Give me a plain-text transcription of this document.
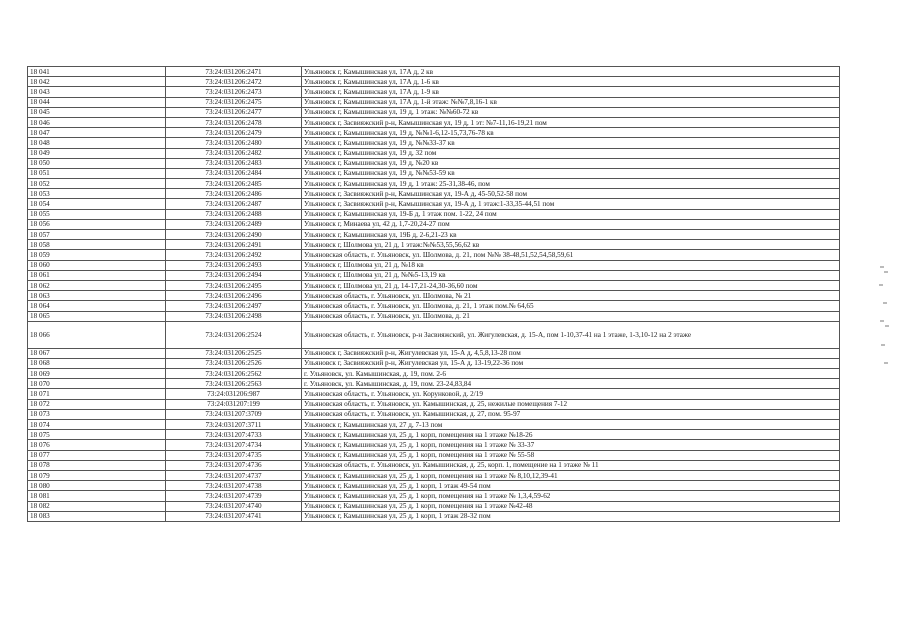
18 041	73:24:031206:2471	Ульяновск г, Камышинская ул, 17А д, 2 кв
18 042	73:24:031206:2472	Ульяновск г, Камышинская ул, 17А д, 1-6 кв
18 043	73:24:031206:2473	Ульяновск г, Камышинская ул, 17А д, 1-9 кв
18 044	73:24:031206:2475	Ульяновск г, Камышинская ул, 17А д, 1-й этаж: №№7,8,16-1 кв
18 045	73:24:031206:2477	Ульяновск г, Камышинская ул, 19 д, 1 этаж: №№60-72 кв
18 046	73:24:031206:2478	Ульяновск г, Засвияжский р-н, Камышинская ул, 19 д, 1 эт: №7-11,16-19,21 пом
18 047	73:24:031206:2479	Ульяновск г, Камышинская ул, 19 д, №№1-6,12-15,73,76-78 кв
18 048	73:24:031206:2480	Ульяновск г, Камышинская ул, 19 д, №№33-37 кв
18 049	73:24:031206:2482	Ульяновск г, Камышинская ул, 19 д, 32 пом
18 050	73:24:031206:2483	Ульяновск г, Камышинская ул, 19 д, №20 кв
18 051	73:24:031206:2484	Ульяновск г, Камышинская ул, 19 д, №№53-59 кв
18 052	73:24:031206:2485	Ульяновск г, Камышинская ул, 19 д, 1 этаж: 25-31,38-46, пом
18 053	73:24:031206:2486	Ульяновск г, Засвияжский р-н, Камышинская ул, 19-А д, 45-50,52-58 пом
18 054	73:24:031206:2487	Ульяновск г, Засвияжский р-н, Камышинская ул, 19-А д, 1 этаж:1-33,35-44,51 пом
18 055	73:24:031206:2488	Ульяновск г, Камышинская ул, 19-Б д, 1 этаж пом. 1-22, 24 пом
18 056	73:24:031206:2489	Ульяновск г, Минаева ул, 42 д, 1,7-20,24-27 пом
18 057	73:24:031206:2490	Ульяновск г, Камышинская ул, 19Б д, 2-6,21-23 кв
18 058	73:24:031206:2491	Ульяновск г, Шолмова ул, 21 д, 1 этаж:№№53,55,56,62 кв
18 059	73:24:031206:2492	Ульяновская область, г. Ульяновск, ул. Шолмова, д. 21, пом №№ 38-48,51,52,54,58,59,61
18 060	73:24:031206:2493	Ульяновск г, Шолмова ул, 21 д, №18 кв
18 061	73:24:031206:2494	Ульяновск г, Шолмова ул, 21 д, №№5-13,19 кв
18 062	73:24:031206:2495	Ульяновск г, Шолмова ул, 21 д, 14-17,21-24,30-36,60 пом
18 063	73:24:031206:2496	Ульяновская область, г. Ульяновск, ул. Шолмова, № 21
18 064	73:24:031206:2497	Ульяновская область, г. Ульяновск, ул. Шолмова, д. 21, 1 этаж пом.№ 64,65
18 065	73:24:031206:2498	Ульяновская область, г. Ульяновск, ул. Шолмова, д. 21
18 066	73:24:031206:2524	Ульяновская область, г. Ульяновск, р-н Засвияжский, ул. Жигулевская, д. 15-А, пом 1-10,37-41 на 1 этаже, 1-3,10-12 на 2 этаже
18 067	73:24:031206:2525	Ульяновск г, Засвияжский р-н, Жигулевская ул, 15-А д, 4,5,8,13-28 пом
18 068	73:24:031206:2526	Ульяновск г, Засвияжский р-н, Жигулевская ул, 15-А д, 13-19,22-36 пом
18 069	73:24:031206:2562	г. Ульяновск, ул. Камышинская, д. 19, пом. 2-6
18 070	73:24:031206:2563	г. Ульяновск, ул. Камышинская, д. 19, пом. 23-24,83,84
18 071	73:24:031206:987	Ульяновская область, г. Ульяновск, ул. Корунковой, д. 2/19
18 072	73:24:031207:199	Ульяновская область, г. Ульяновск, ул. Камышинская, д. 25, нежилые помещения 7-12
18 073	73:24:031207:3709	Ульяновская область, г. Ульяновск, ул. Камышинская, д. 27, пом. 95-97
18 074	73:24:031207:3711	Ульяновск г, Камышинская ул, 27 д, 7-13 пом
18 075	73:24:031207:4733	Ульяновск г, Камышинская ул, 25 д, 1 корп, помещения на 1 этаже №18-26
18 076	73:24:031207:4734	Ульяновск г, Камышинская ул, 25 д, 1 корп, помещения на 1 этаже № 33-37
18 077	73:24:031207:4735	Ульяновск г, Камышинская ул, 25 д, 1 корп, помещения на 1 этаже № 55-58
18 078	73:24:031207:4736	Ульяновская область, г. Ульяновск, ул. Камышинская, д. 25, корп. 1, помещение на 1 этаже № 11
18 079	73:24:031207:4737	Ульяновск г, Камышинская ул, 25 д, 1 корп, помещения на 1 этаже № 8,10,12,39-41
18 080	73:24:031207:4738	Ульяновск г, Камышинская ул, 25 д, 1 корп, 1 этаж 49-54 пом
18 081	73:24:031207:4739	Ульяновск г, Камышинская ул, 25 д, 1 корп, помещения на 1 этаже № 1,3,4,59-62
18 082	73:24:031207:4740	Ульяновск г, Камышинская ул, 25 д, 1 корп, помещения на 1 этаже №42-48
18 083	73:24:031207:4741	Ульяновск г, Камышинская ул, 25 д, 1 корп, 1 этаж 28-32 пом
